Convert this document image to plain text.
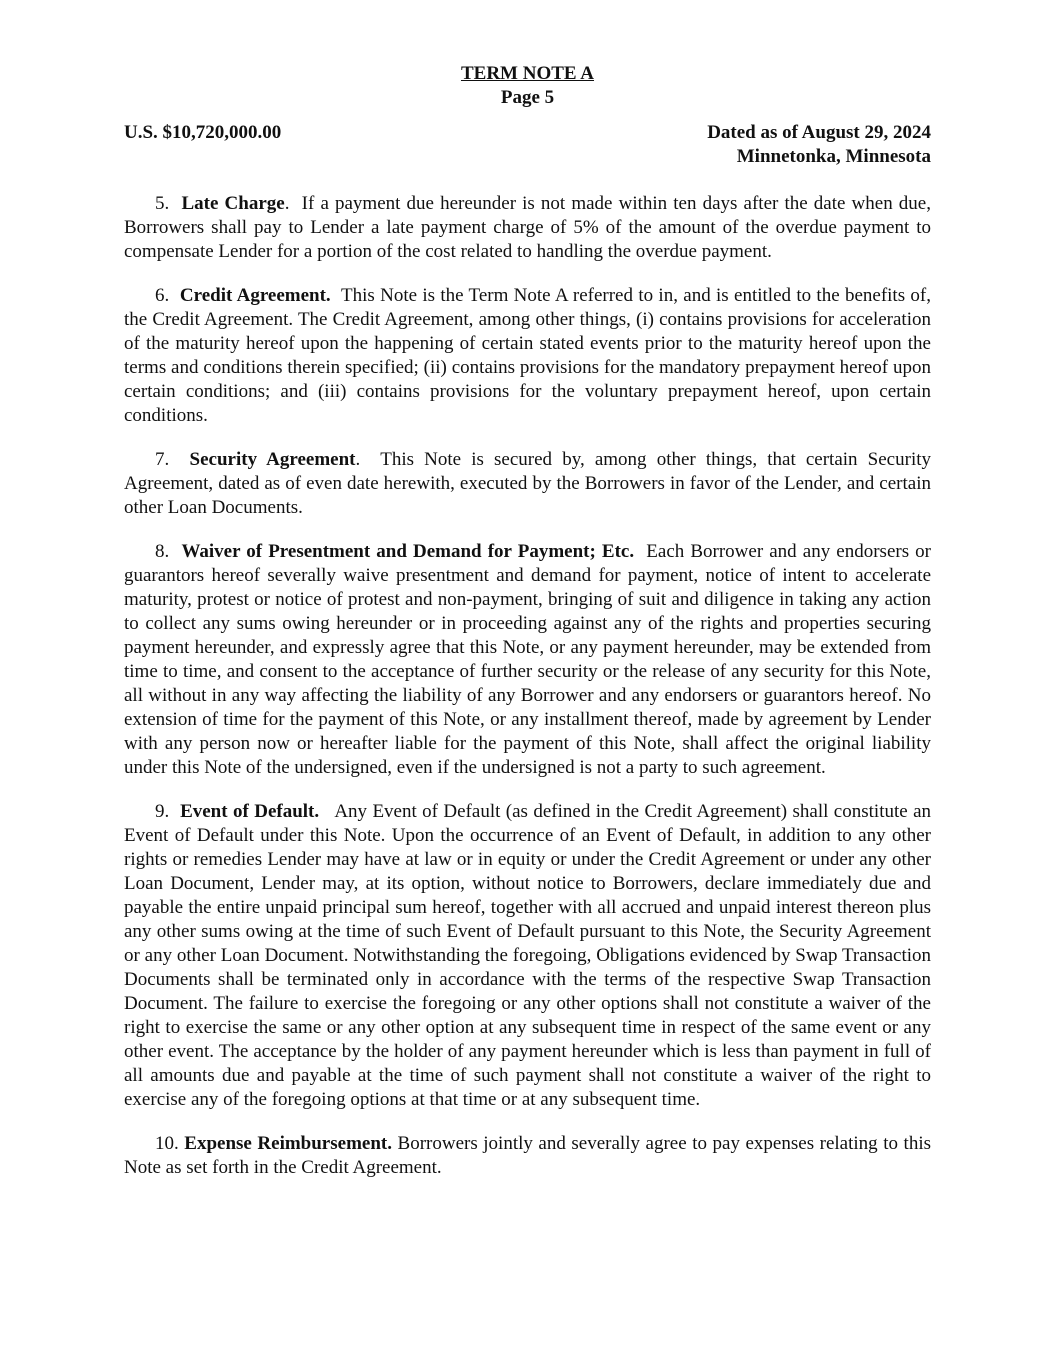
TERM NOTE A
Page 5
U.S. $10,720,000.00	Dated as of August 29, 2024
Minnetonka, Minnesota

5. Late Charge. If a payment due hereunder is not made within ten days after the date when due, Borrowers shall pay to Lender a late payment charge of 5% of the amount of the overdue payment to compensate Lender for a portion of the cost related to handling the overdue payment.

6. Credit Agreement. This Note is the Term Note A referred to in, and is entitled to the benefits of, the Credit Agreement. The Credit Agreement, among other things, (i) contains provisions for acceleration of the maturity hereof upon the happening of certain stated events prior to the maturity hereof upon the terms and conditions therein specified; (ii) contains provisions for the mandatory prepayment hereof upon certain conditions; and (iii) contains provisions for the voluntary prepayment hereof, upon certain conditions.

7. Security Agreement. This Note is secured by, among other things, that certain Security Agreement, dated as of even date herewith, executed by the Borrowers in favor of the Lender, and certain other Loan Documents.

8. Waiver of Presentment and Demand for Payment; Etc. Each Borrower and any endorsers or guarantors hereof severally waive presentment and demand for payment, notice of intent to accelerate maturity, protest or notice of protest and non-payment, bringing of suit and diligence in taking any action to collect any sums owing hereunder or in proceeding against any of the rights and properties securing payment hereunder, and expressly agree that this Note, or any payment hereunder, may be extended from time to time, and consent to the acceptance of further security or the release of any security for this Note, all without in any way affecting the liability of any Borrower and any endorsers or guarantors hereof. No extension of time for the payment of this Note, or any installment thereof, made by agreement by Lender with any person now or hereafter liable for the payment of this Note, shall affect the original liability under this Note of the undersigned, even if the undersigned is not a party to such agreement.

9. Event of Default. Any Event of Default (as defined in the Credit Agreement) shall constitute an Event of Default under this Note. Upon the occurrence of an Event of Default, in addition to any other rights or remedies Lender may have at law or in equity or under the Credit Agreement or under any other Loan Document, Lender may, at its option, without notice to Borrowers, declare immediately due and payable the entire unpaid principal sum hereof, together with all accrued and unpaid interest thereon plus any other sums owing at the time of such Event of Default pursuant to this Note, the Security Agreement or any other Loan Document. Notwithstanding the foregoing, Obligations evidenced by Swap Transaction Documents shall be terminated only in accordance with the terms of the respective Swap Transaction Document. The failure to exercise the foregoing or any other options shall not constitute a waiver of the right to exercise the same or any other option at any subsequent time in respect of the same event or any other event. The acceptance by the holder of any payment hereunder which is less than payment in full of all amounts due and payable at the time of such payment shall not constitute a waiver of the right to exercise any of the foregoing options at that time or at any subsequent time.

10. Expense Reimbursement. Borrowers jointly and severally agree to pay expenses relating to this Note as set forth in the Credit Agreement.
